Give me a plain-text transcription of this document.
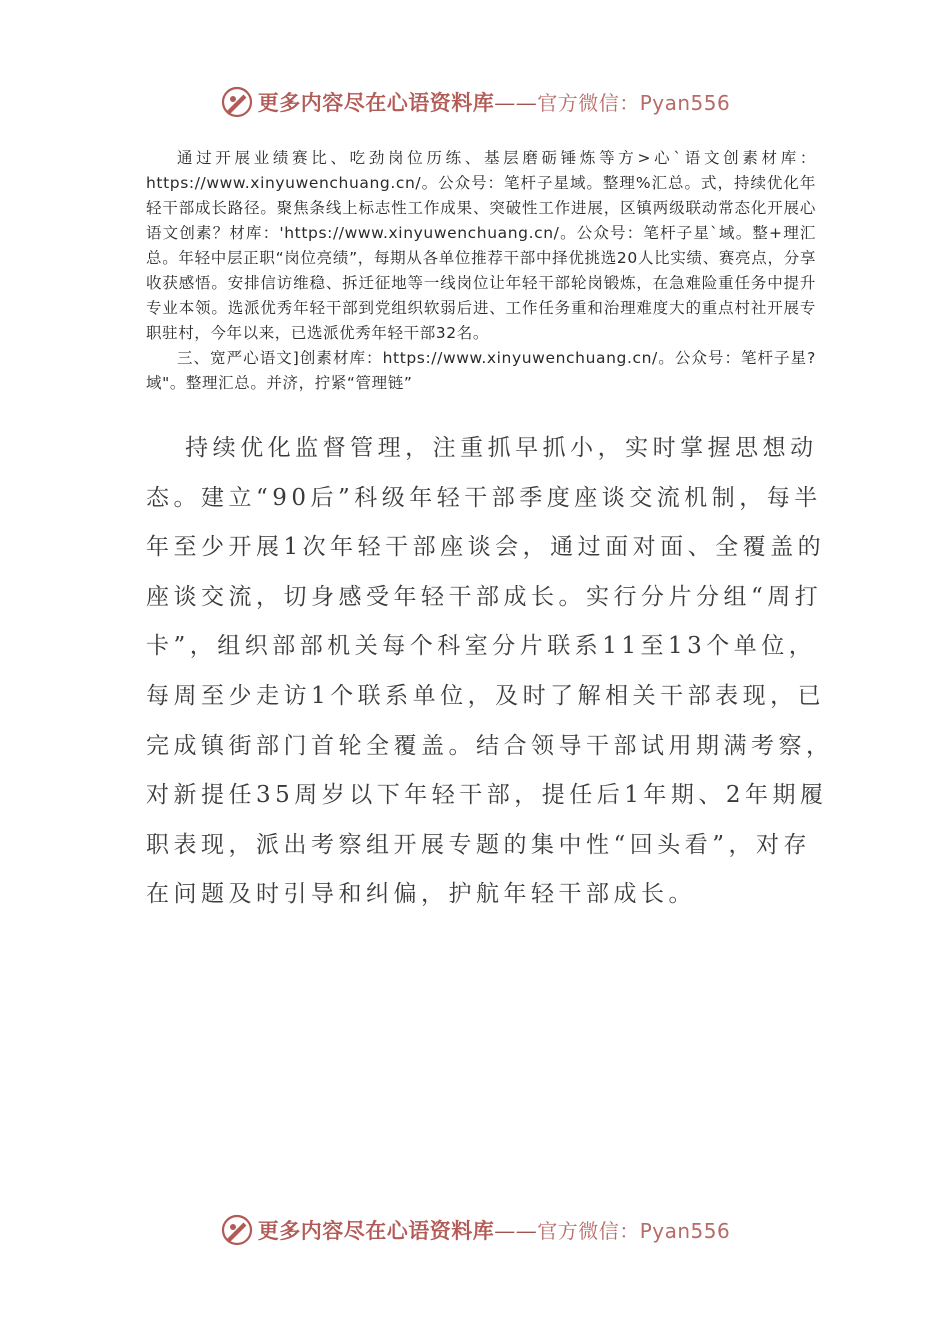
更多内容尽在心语资料库——官方微信：Pyan556

通过开展业绩赛比、吃劲岗位历练、基层磨砺锤炼等方>心`语文创素材库：https://www.xinyuwenchuang.cn/。公众号：笔杆子星域。整理%汇总。式，持续优化年轻干部成长路径。聚焦条线上标志性工作成果、突破性工作进展，区镇两级联动常态化开展心语文创素？材库：'https://www.xinyuwenchuang.cn/。公众号：笔杆子星`域。整+理汇总。年轻中层正职“岗位亮绩”，每期从各单位推荐干部中择优挑选20人比实绩、赛亮点，分享收获感悟。安排信访维稳、拆迁征地等一线岗位让年轻干部轮岗锻炼，在急难险重任务中提升专业本领。选派优秀年轻干部到党组织软弱后进、工作任务重和治理难度大的重点村社开展专职驻村，今年以来，已选派优秀年轻干部32名。

三、宽严心语文]创素材库：https://www.xinyuwenchuang.cn/。公众号：笔杆子星?域"。整理汇总。并济，拧紧“管理链”

持续优化监督管理，注重抓早抓小，实时掌握思想动态。建立“90后”科级年轻干部季度座谈交流机制，每半年至少开展1次年轻干部座谈会，通过面对面、全覆盖的座谈交流，切身感受年轻干部成长。实行分片分组“周打卡”，组织部部机关每个科室分片联系11至13个单位，每周至少走访1个联系单位，及时了解相关干部表现，已完成镇街部门首轮全覆盖。结合领导干部试用期满考察，对新提任35周岁以下年轻干部，提任后1年期、2年期履职表现，派出考察组开展专题的集中性“回头看”，对存在问题及时引导和纠偏，护航年轻干部成长。

更多内容尽在心语资料库——官方微信：Pyan556
